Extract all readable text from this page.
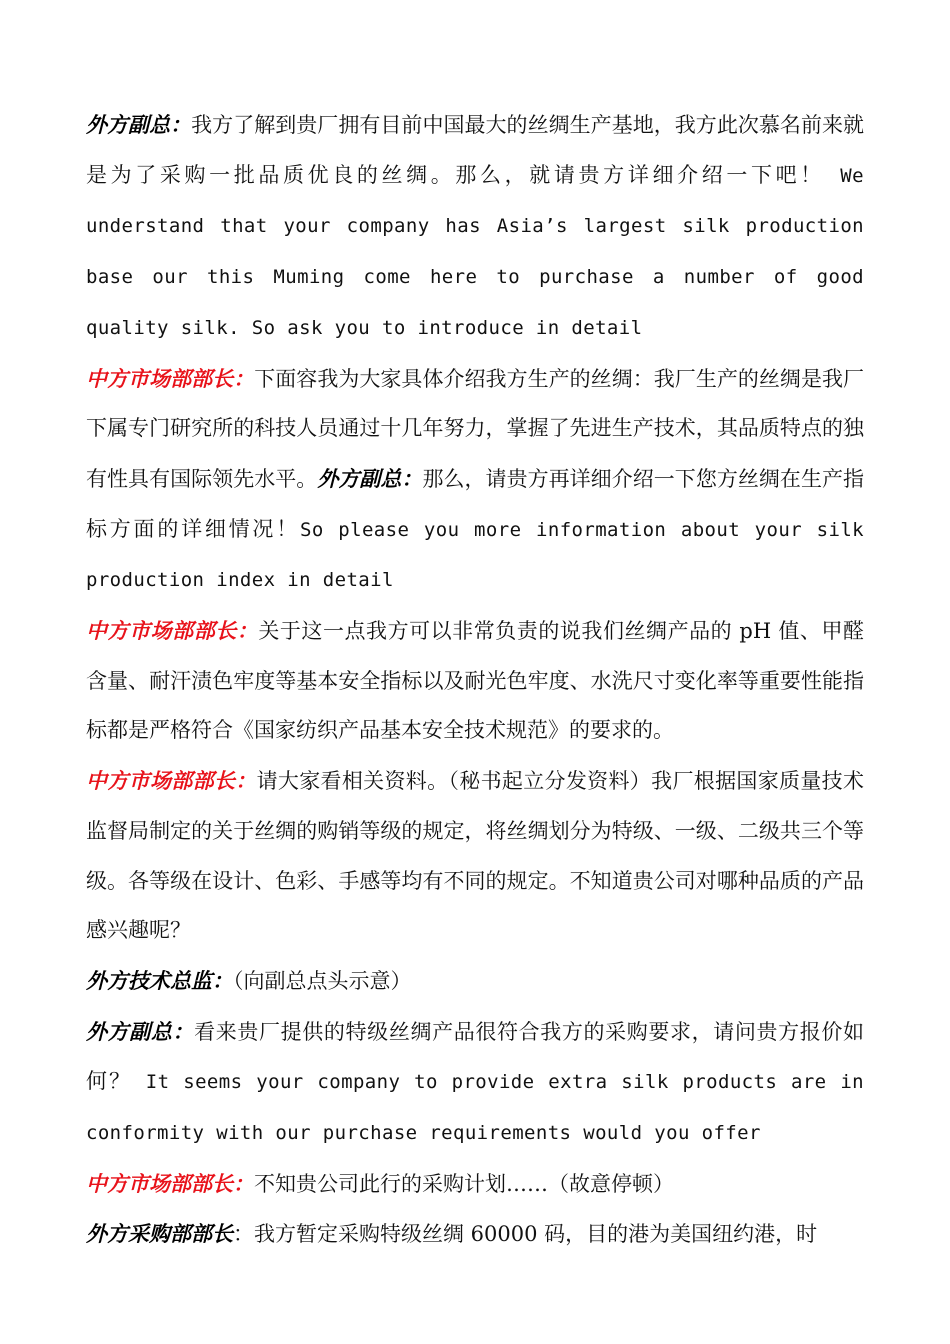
外方副总：我方了解到贵厂拥有目前中国最大的丝绸生产基地，我方此次慕名前来就是为了采购一批品质优良的丝绸。那么，就请贵方详细介绍一下吧！ We understand that your company has Asia’s largest silk production base our this Muming come here to purchase a number of good quality silk. So ask you to introduce in detail

中方市场部部长：下面容我为大家具体介绍我方生产的丝绸：我厂生产的丝绸是我厂下属专门研究所的科技人员通过十几年努力，掌握了先进生产技术，其品质特点的独有性具有国际领先水平。外方副总：那么，请贵方再详细介绍一下您方丝绸在生产指标方面的详细情况！So please you more information about your silk production index in detail

中方市场部部长：关于这一点我方可以非常负责的说我们丝绸产品的 pH 值、甲醛含量、耐汗渍色牢度等基本安全指标以及耐光色牢度、水洗尺寸变化率等重要性能指标都是严格符合《国家纺织产品基本安全技术规范》的要求的。

中方市场部部长：请大家看相关资料。（秘书起立分发资料）我厂根据国家质量技术监督局制定的关于丝绸的购销等级的规定，将丝绸划分为特级、一级、二级共三个等级。各等级在设计、色彩、手感等均有不同的规定。不知道贵公司对哪种品质的产品感兴趣呢？

外方技术总监：（向副总点头示意）

外方副总：看来贵厂提供的特级丝绸产品很符合我方的采购要求，请问贵方报价如何？ It seems your company to provide extra silk products are in conformity with our purchase requirements would you offer

中方市场部部长：不知贵公司此行的采购计划……（故意停顿）

外方采购部部长：我方暂定采购特级丝绸 60000 码，目的港为美国纽约港，时
